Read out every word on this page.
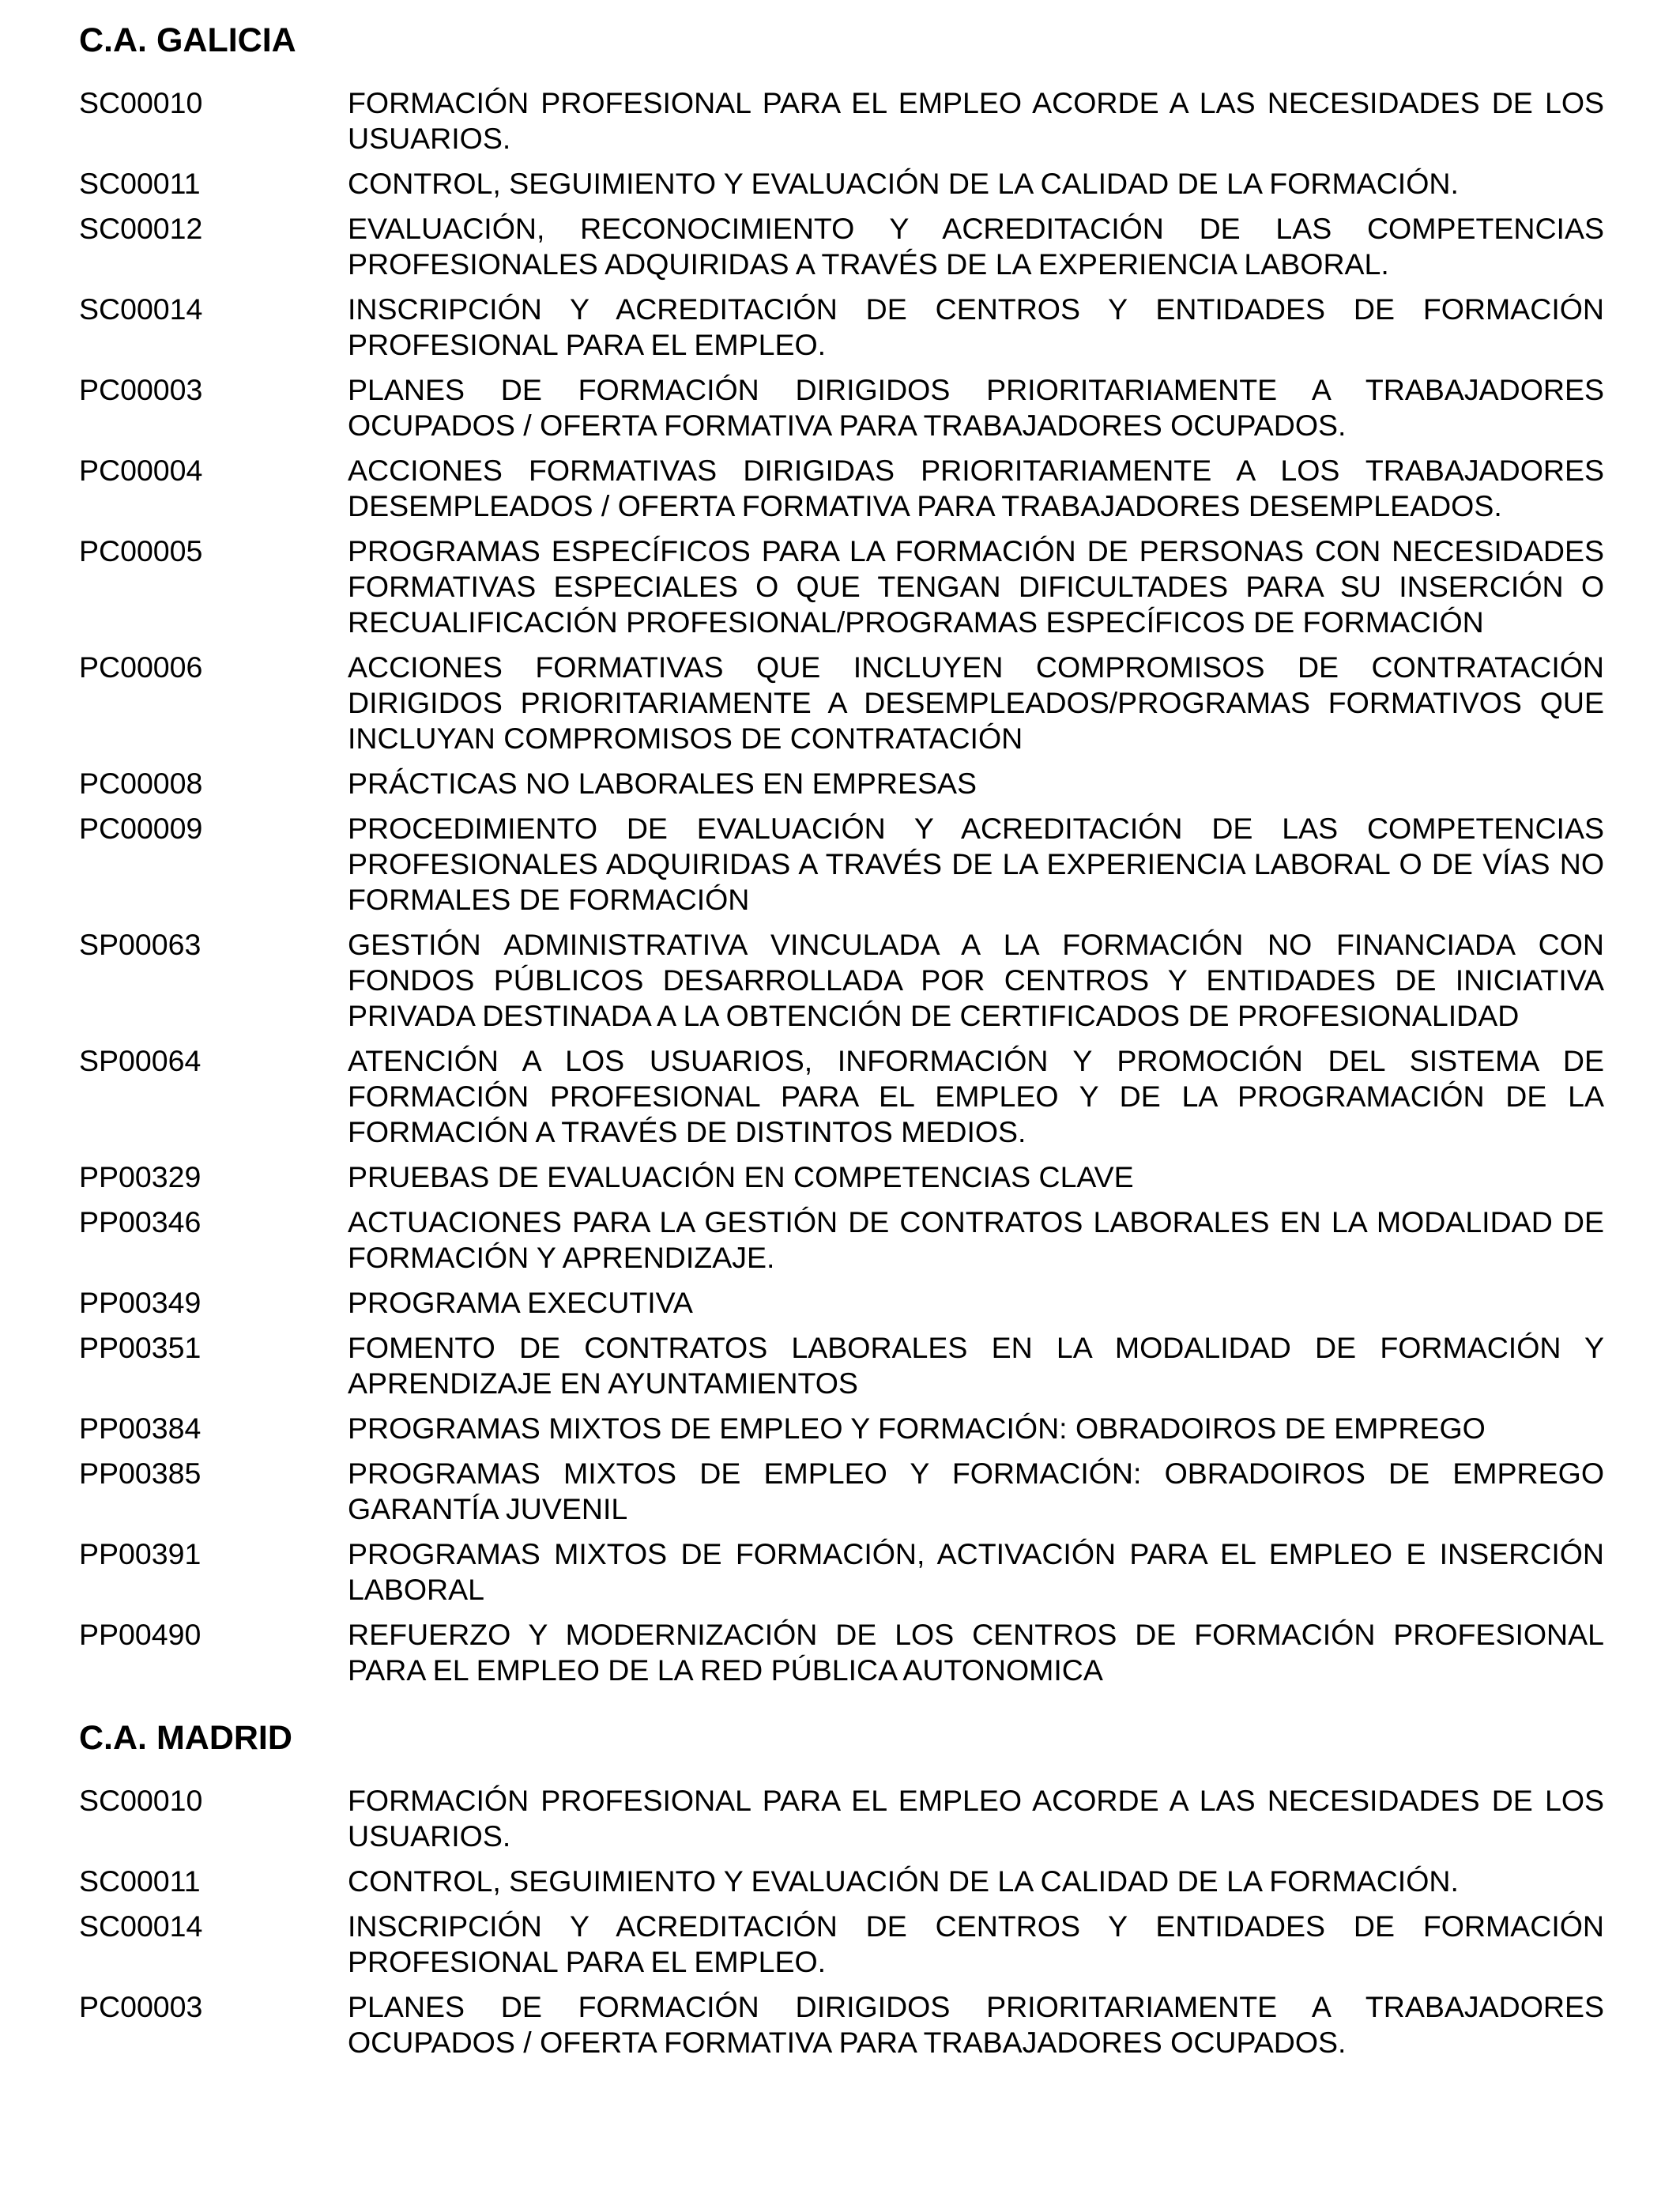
C.A. GALICIA
SC00010	FORMACIÓN PROFESIONAL PARA EL EMPLEO ACORDE A LAS NECESIDADES DE LOS USUARIOS.
SC00011	CONTROL, SEGUIMIENTO Y EVALUACIÓN DE LA CALIDAD DE LA FORMACIÓN.
SC00012	EVALUACIÓN, RECONOCIMIENTO Y ACREDITACIÓN DE LAS COMPETENCIAS PROFESIONALES ADQUIRIDAS A TRAVÉS DE LA EXPERIENCIA LABORAL.
SC00014	INSCRIPCIÓN Y ACREDITACIÓN DE CENTROS Y ENTIDADES DE FORMACIÓN PROFESIONAL PARA EL EMPLEO.
PC00003	PLANES DE FORMACIÓN DIRIGIDOS PRIORITARIAMENTE A TRABAJADORES OCUPADOS / OFERTA FORMATIVA PARA TRABAJADORES OCUPADOS.
PC00004	ACCIONES FORMATIVAS DIRIGIDAS PRIORITARIAMENTE A LOS TRABAJADORES DESEMPLEADOS / OFERTA FORMATIVA PARA TRABAJADORES DESEMPLEADOS.
PC00005	PROGRAMAS ESPECÍFICOS PARA LA FORMACIÓN DE PERSONAS CON NECESIDADES FORMATIVAS ESPECIALES O QUE TENGAN DIFICULTADES PARA SU INSERCIÓN O RECUALIFICACIÓN PROFESIONAL/PROGRAMAS ESPECÍFICOS DE FORMACIÓN
PC00006	ACCIONES FORMATIVAS QUE INCLUYEN COMPROMISOS DE CONTRATACIÓN DIRIGIDOS PRIORITARIAMENTE A DESEMPLEADOS/PROGRAMAS FORMATIVOS QUE INCLUYAN COMPROMISOS DE CONTRATACIÓN
PC00008	PRÁCTICAS NO LABORALES EN EMPRESAS
PC00009	PROCEDIMIENTO DE EVALUACIÓN Y ACREDITACIÓN DE LAS COMPETENCIAS PROFESIONALES ADQUIRIDAS A TRAVÉS DE LA EXPERIENCIA LABORAL O DE VÍAS NO FORMALES DE FORMACIÓN
SP00063	GESTIÓN ADMINISTRATIVA VINCULADA A LA FORMACIÓN NO FINANCIADA CON FONDOS PÚBLICOS DESARROLLADA POR CENTROS Y ENTIDADES DE INICIATIVA PRIVADA DESTINADA A LA OBTENCIÓN DE CERTIFICADOS DE PROFESIONALIDAD
SP00064	ATENCIÓN A LOS USUARIOS, INFORMACIÓN Y PROMOCIÓN DEL SISTEMA DE FORMACIÓN PROFESIONAL PARA EL EMPLEO Y DE LA PROGRAMACIÓN DE LA FORMACIÓN A TRAVÉS DE DISTINTOS MEDIOS.
PP00329	PRUEBAS DE EVALUACIÓN EN COMPETENCIAS CLAVE
PP00346	ACTUACIONES PARA LA GESTIÓN DE CONTRATOS LABORALES EN LA MODALIDAD DE FORMACIÓN Y APRENDIZAJE.
PP00349	PROGRAMA EXECUTIVA
PP00351	FOMENTO DE CONTRATOS LABORALES EN LA MODALIDAD DE FORMACIÓN Y APRENDIZAJE EN AYUNTAMIENTOS
PP00384	PROGRAMAS MIXTOS DE EMPLEO Y FORMACIÓN: OBRADOIROS DE EMPREGO
PP00385	PROGRAMAS MIXTOS DE EMPLEO Y FORMACIÓN: OBRADOIROS DE EMPREGO GARANTÍA JUVENIL
PP00391	PROGRAMAS MIXTOS DE FORMACIÓN, ACTIVACIÓN PARA EL EMPLEO E INSERCIÓN LABORAL
PP00490	REFUERZO Y MODERNIZACIÓN DE LOS CENTROS DE FORMACIÓN PROFESIONAL PARA EL EMPLEO DE LA RED PÚBLICA AUTONOMICA
C.A. MADRID
SC00010	FORMACIÓN PROFESIONAL PARA EL EMPLEO ACORDE A LAS NECESIDADES DE LOS USUARIOS.
SC00011	CONTROL, SEGUIMIENTO Y EVALUACIÓN DE LA CALIDAD DE LA FORMACIÓN.
SC00014	INSCRIPCIÓN Y ACREDITACIÓN DE CENTROS Y ENTIDADES DE FORMACIÓN PROFESIONAL PARA EL EMPLEO.
PC00003	PLANES DE FORMACIÓN DIRIGIDOS PRIORITARIAMENTE A TRABAJADORES OCUPADOS / OFERTA FORMATIVA PARA TRABAJADORES OCUPADOS.
